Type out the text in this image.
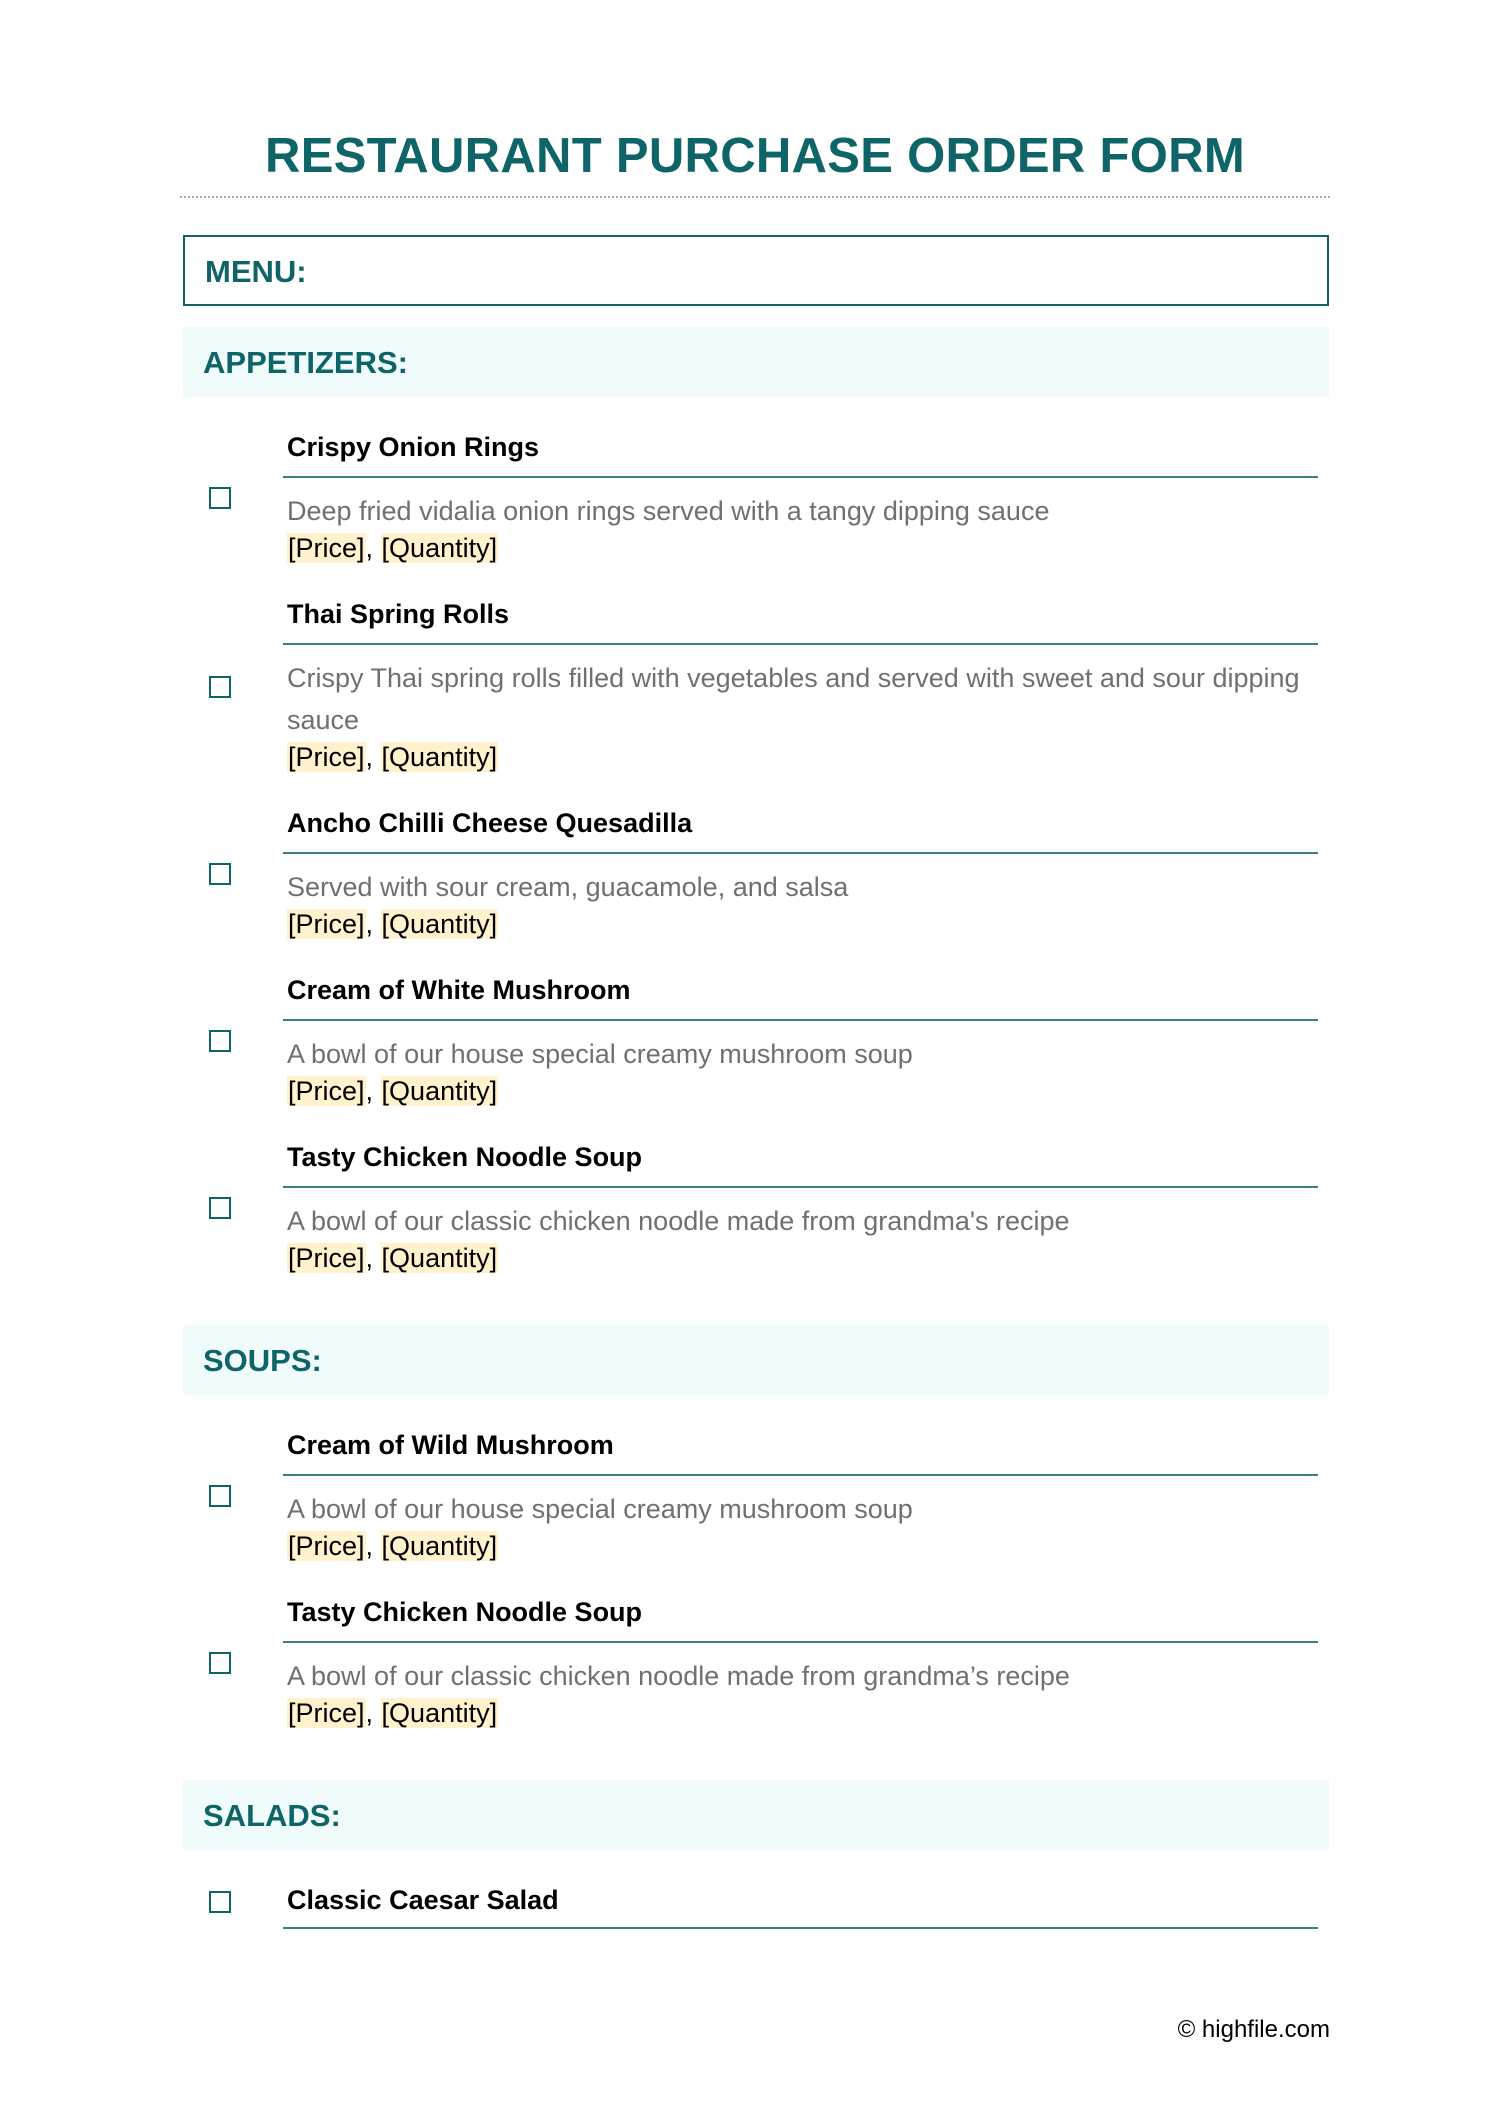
RESTAURANT PURCHASE ORDER FORM
MENU:
APPETIZERS:
Crispy Onion Rings
Deep fried vidalia onion rings served with a tangy dipping sauce
[Price], [Quantity]
Thai Spring Rolls
Crispy Thai spring rolls filled with vegetables and served with sweet and sour dipping sauce
[Price], [Quantity]
Ancho Chilli Cheese Quesadilla
Served with sour cream, guacamole, and salsa
[Price], [Quantity]
Cream of White Mushroom
A bowl of our house special creamy mushroom soup
[Price], [Quantity]
Tasty Chicken Noodle Soup
A bowl of our classic chicken noodle made from grandma's recipe
[Price], [Quantity]
SOUPS:
Cream of Wild Mushroom
A bowl of our house special creamy mushroom soup
[Price], [Quantity]
Tasty Chicken Noodle Soup
A bowl of our classic chicken noodle made from grandma’s recipe
[Price], [Quantity]
SALADS:
Classic Caesar Salad
© highfile.com
